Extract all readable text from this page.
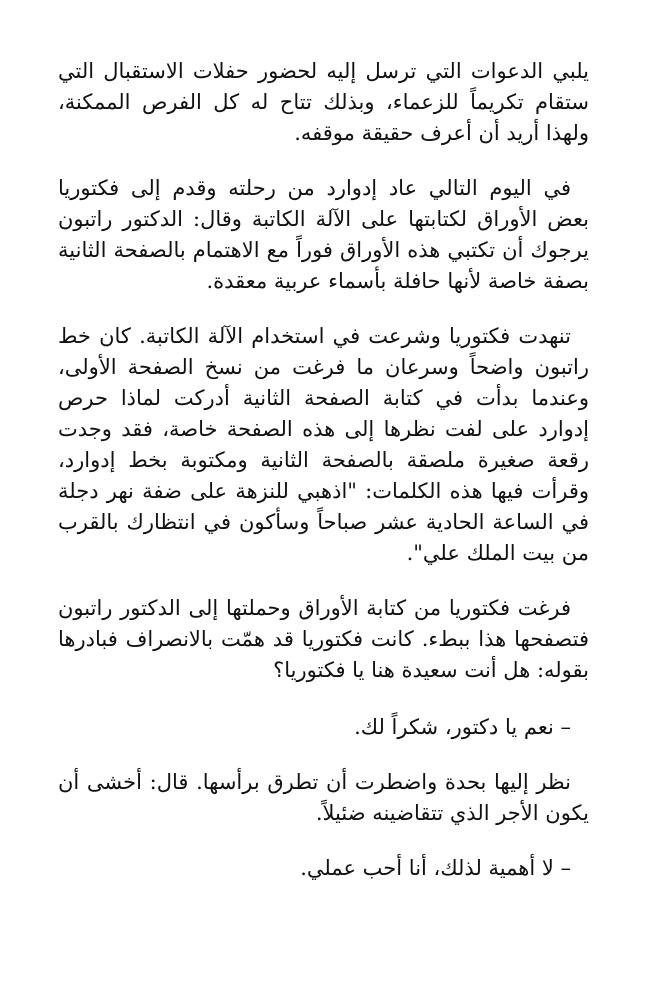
يلبي الدعوات التي ترسل إليه لحضور حفلات الاستقبال التي ستقام تكريماً للزعماء، وبذلك تتاح له كل الفرص الممكنة، ولهذا أريد أن أعرف حقيقة موقفه.

في اليوم التالي عاد إدوارد من رحلته وقدم إلى فكتوريا بعض الأوراق لكتابتها على الآلة الكاتبة وقال: الدكتور راتبون يرجوك أن تكتبي هذه الأوراق فوراً مع الاهتمام بالصفحة الثانية بصفة خاصة لأنها حافلة بأسماء عربية معقدة.

تنهدت فكتوريا وشرعت في استخدام الآلة الكاتبة. كان خط راتبون واضحاً وسرعان ما فرغت من نسخ الصفحة الأولى، وعندما بدأت في كتابة الصفحة الثانية أدركت لماذا حرص إدوارد على لفت نظرها إلى هذه الصفحة خاصة، فقد وجدت رقعة صغيرة ملصقة بالصفحة الثانية ومكتوبة بخط إدوارد، وقرأت فيها هذه الكلمات: "اذهبي للنزهة على ضفة نهر دجلة في الساعة الحادية عشر صباحاً وسأكون في انتظارك بالقرب من بيت الملك علي".

فرغت فكتوريا من كتابة الأوراق وحملتها إلى الدكتور راتبون فتصفحها هذا ببطء. كانت فكتوريا قد همّت بالانصراف فبادرها بقوله: هل أنت سعيدة هنا يا فكتوريا؟

– نعم يا دكتور، شكراً لك.

نظر إليها بحدة واضطرت أن تطرق برأسها. قال: أخشى أن يكون الأجر الذي تتقاضينه ضئيلاً.

– لا أهمية لذلك، أنا أحب عملي.
